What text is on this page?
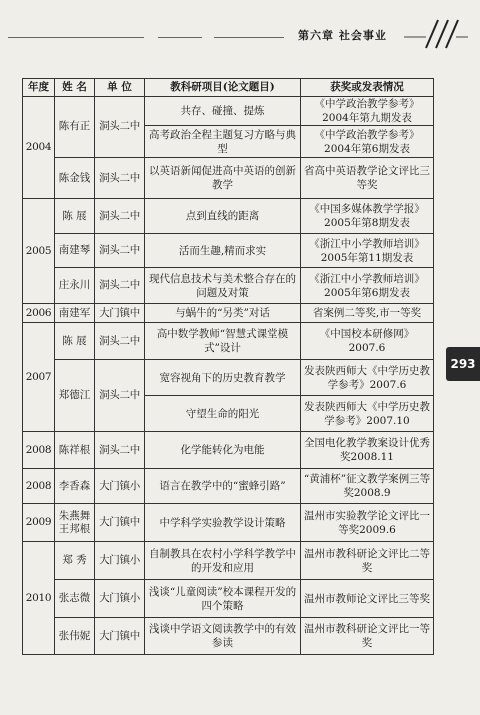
第六章 社会事业
293
年度	姓 名	单 位	教科研项目(论文题目)	获奖或发表情况
2004	陈有正	洞头二中	共存、碰撞、提炼	《中学政治教学参考》2004年第九期发表
			高考政治全程主题复习方略与典型	《中学政治教学参考》2004年第6期发表
	陈金钱	洞头二中	以英语新闻促进高中英语的创新教学	省高中英语教学论文评比三等奖
2005	陈 展	洞头二中	点到直线的距离	《中国多媒体教学学报》2005年第8期发表
	南建琴	洞头二中	活而生趣,精而求实	《浙江中小学教师培训》2005年第11期发表
	庄永川	洞头二中	现代信息技术与美术整合存在的问题及对策	《浙江中小学教师培训》2005年第6期发表
2006	南建军	大门镇中	与蜗牛的“另类”对话	省案例二等奖,市一等奖
2007	陈 展	洞头二中	高中数学教师“智慧式课堂模式”设计	《中国校本研修网》2007.6
	郑德江	洞头二中	宽容视角下的历史教育教学	发表陕西师大《中学历史教学参考》2007.6
			守望生命的阳光	发表陕西师大《中学历史教学参考》2007.10
2008	陈祥根	洞头二中	化学能转化为电能	全国电化教学教案设计优秀奖2008.11
2008	李香森	大门镇小	语言在教学中的“蜜蜂引路”	“黄浦杯”征文教学案例三等奖2008.9
2009	朱燕舞 王邦根	大门镇中	中学科学实验教学设计策略	温州市实验教学论文评比一等奖2009.6
2010	郑 秀	大门镇小	自制教具在农村小学科学教学中的开发和应用	温州市教科研论文评比二等奖
	张志微	大门镇小	浅谈“儿童阅读”校本课程开发的四个策略	温州市教师论文评比三等奖
	张伟妮	大门镇中	浅谈中学语文阅读教学中的有效参读	温州市教科研论文评比一等奖
